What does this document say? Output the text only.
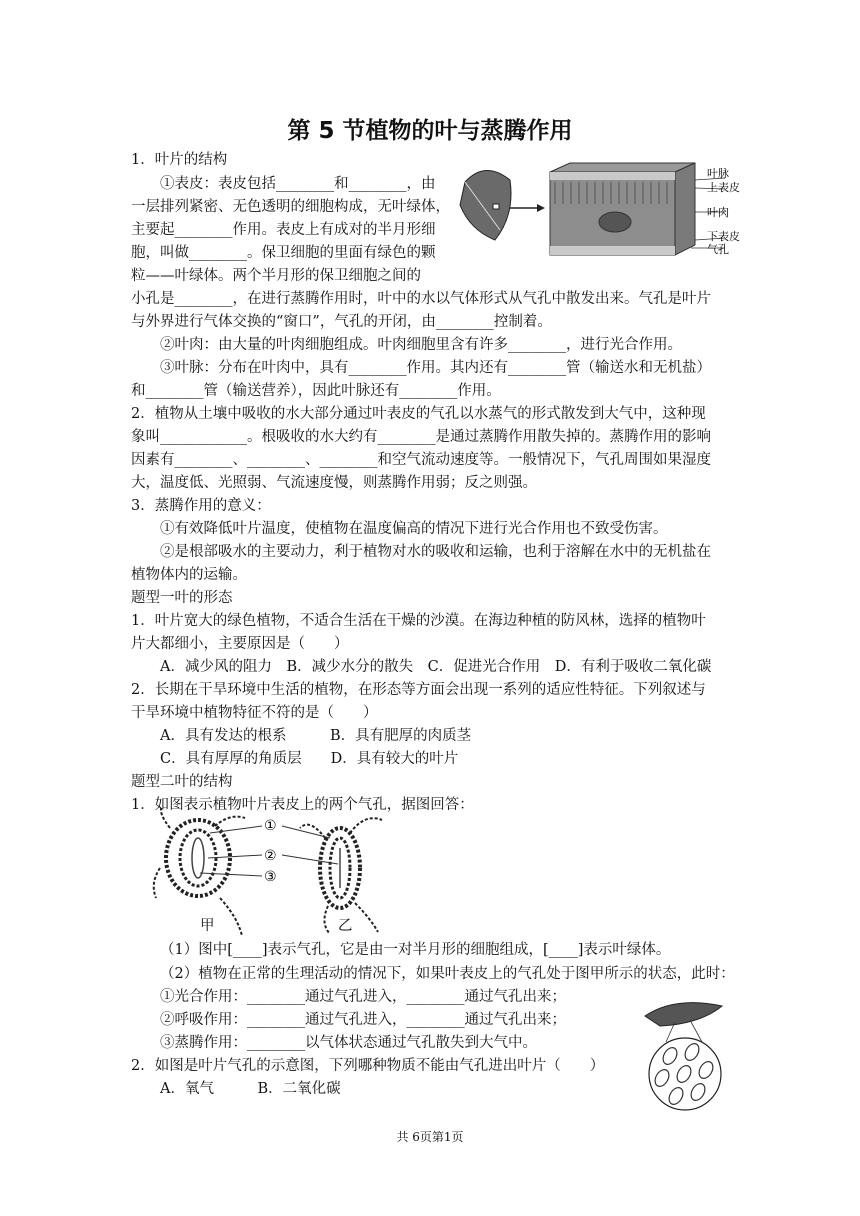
第 5 节植物的叶与蒸腾作用
1．叶片的结构
①表皮：表皮包括________和________，由
一层排列紧密、无色透明的细胞构成，无叶绿体，
主要起________作用。表皮上有成对的半月形细
胞，叫做________。保卫细胞的里面有绿色的颗
粒——叶绿体。两个半月形的保卫细胞之间的
小孔是________，在进行蒸腾作用时，叶中的水以气体形式从气孔中散发出来。气孔是叶片
与外界进行气体交换的“窗口”，气孔的开闭，由________控制着。
②叶肉：由大量的叶肉细胞组成。叶肉细胞里含有许多________，进行光合作用。
③叶脉：分布在叶肉中，具有________作用。其内还有________管（输送水和无机盐）
和________管（输送营养），因此叶脉还有________作用。
2．植物从土壤中吸收的水大部分通过叶表皮的气孔以水蒸气的形式散发到大气中，这种现
象叫____________。根吸收的水大约有________是通过蒸腾作用散失掉的。蒸腾作用的影响
因素有________、________、________和空气流动速度等。一般情况下，气孔周围如果湿度
大，温度低、光照弱、气流速度慢，则蒸腾作用弱；反之则强。
3．蒸腾作用的意义：
①有效降低叶片温度，使植物在温度偏高的情况下进行光合作用也不致受伤害。
②是根部吸水的主要动力，利于植物对水的吸收和运输，也利于溶解在水中的无机盐在
植物体内的运输。
题型一叶的形态
1．叶片宽大的绿色植物，不适合生活在干燥的沙漠。在海边种植的防风林，选择的植物叶
片大都细小，主要原因是（　　）
A．减少风的阻力　B．减少水分的散失　C．促进光合作用　D．有利于吸收二氧化碳
2．长期在干旱环境中生活的植物，在形态等方面会出现一系列的适应性特征。下列叙述与
干旱环境中植物特征不符的是（　　）
A．具有发达的根系　　　B．具有肥厚的肉质茎
C．具有厚厚的角质层　　D．具有较大的叶片
题型二叶的结构
1．如图表示植物叶片表皮上的两个气孔，据图回答：
①
②
③
甲	乙
（1）图中[____]表示气孔，它是由一对半月形的细胞组成，[____]表示叶绿体。
（2）植物在正常的生理活动的情况下，如果叶表皮上的气孔处于图甲所示的状态，此时：
①光合作用：________通过气孔进入，________通过气孔出来；
②呼吸作用：________通过气孔进入，________通过气孔出来；
③蒸腾作用：________以气体状态通过气孔散失到大气中。
2．如图是叶片气孔的示意图，下列哪种物质不能由气孔进出叶片（　　）
A．氧气　　　B．二氧化碳
叶脉
上表皮
叶肉
下表皮
气孔
共 6页第1页
